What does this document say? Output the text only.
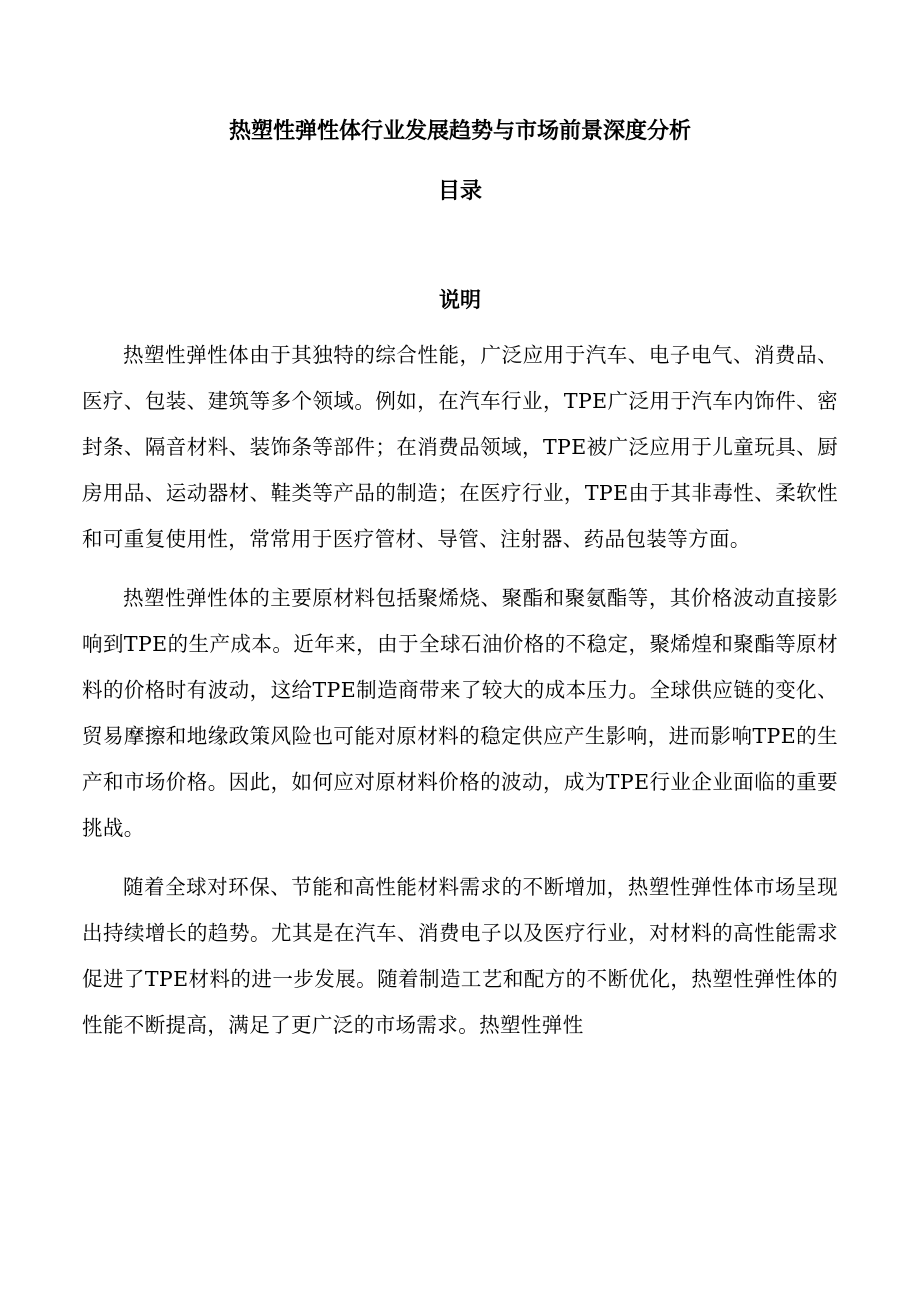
热塑性弹性体行业发展趋势与市场前景深度分析
目录
说明

热塑性弹性体由于其独特的综合性能，广泛应用于汽车、电子电气、消费品、医疗、包装、建筑等多个领域。例如，在汽车行业，TPE广泛用于汽车内饰件、密封条、隔音材料、装饰条等部件；在消费品领域，TPE被广泛应用于儿童玩具、厨房用品、运动器材、鞋类等产品的制造；在医疗行业，TPE由于其非毒性、柔软性和可重复使用性，常常用于医疗管材、导管、注射器、药品包装等方面。

热塑性弹性体的主要原材料包括聚烯烧、聚酯和聚氨酯等，其价格波动直接影响到TPE的生产成本。近年来，由于全球石油价格的不稳定，聚烯煌和聚酯等原材料的价格时有波动，这给TPE制造商带来了较大的成本压力。全球供应链的变化、贸易摩擦和地缘政策风险也可能对原材料的稳定供应产生影响，进而影响TPE的生产和市场价格。因此，如何应对原材料价格的波动，成为TPE行业企业面临的重要挑战。

随着全球对环保、节能和高性能材料需求的不断增加，热塑性弹性体市场呈现出持续增长的趋势。尤其是在汽车、消费电子以及医疗行业，对材料的高性能需求促进了TPE材料的进一步发展。随着制造工艺和配方的不断优化，热塑性弹性体的性能不断提高，满足了更广泛的市场需求。热塑性弹性
